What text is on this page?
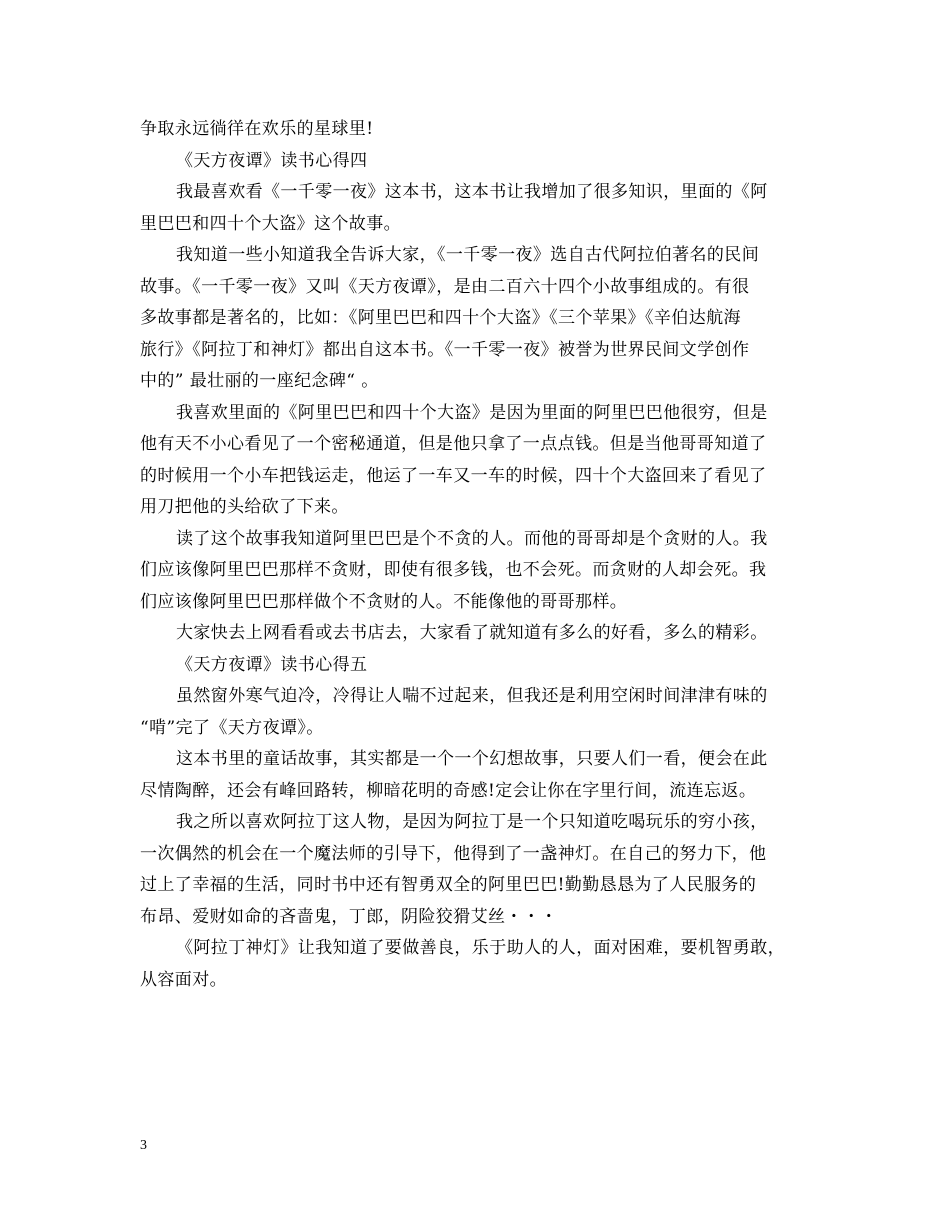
争取永远徜徉在欢乐的星球里!
《天方夜谭》读书心得四
我最喜欢看《一千零一夜》这本书，这本书让我增加了很多知识，里面的《阿
里巴巴和四十个大盗》这个故事。
我知道一些小知道我全告诉大家，《一千零一夜》选自古代阿拉伯著名的民间
故事。《一千零一夜》又叫《天方夜谭》，是由二百六十四个小故事组成的。有很
多故事都是著名的，比如：《阿里巴巴和四十个大盗》《三个苹果》《辛伯达航海
旅行》《阿拉丁和神灯》都出自这本书。《一千零一夜》被誉为世界民间文学创作
中的” 最壮丽的一座纪念碑“ 。
我喜欢里面的《阿里巴巴和四十个大盗》是因为里面的阿里巴巴他很穷，但是
他有天不小心看见了一个密秘通道，但是他只拿了一点点钱。但是当他哥哥知道了
的时候用一个小车把钱运走，他运了一车又一车的时候，四十个大盗回来了看见了
用刀把他的头给砍了下来。
读了这个故事我知道阿里巴巴是个不贪的人。而他的哥哥却是个贪财的人。我
们应该像阿里巴巴那样不贪财，即使有很多钱，也不会死。而贪财的人却会死。我
们应该像阿里巴巴那样做个不贪财的人。不能像他的哥哥那样。
大家快去上网看看或去书店去，大家看了就知道有多么的好看，多么的精彩。
《天方夜谭》读书心得五
虽然窗外寒气迫冷，冷得让人喘不过起来，但我还是利用空闲时间津津有味的
“啃”完了《天方夜谭》。
这本书里的童话故事，其实都是一个一个幻想故事，只要人们一看，便会在此
尽情陶醉，还会有峰回路转，柳暗花明的奇感!定会让你在字里行间，流连忘返。
我之所以喜欢阿拉丁这人物，是因为阿拉丁是一个只知道吃喝玩乐的穷小孩，
一次偶然的机会在一个魔法师的引导下，他得到了一盏神灯。在自己的努力下，他
过上了幸福的生活，同时书中还有智勇双全的阿里巴巴!勤勤恳恳为了人民服务的
布昂、爱财如命的吝啬鬼，丁郎，阴险狡猾艾丝・・・
《阿拉丁神灯》让我知道了要做善良，乐于助人的人，面对困难，要机智勇敢，
从容面对。
3
